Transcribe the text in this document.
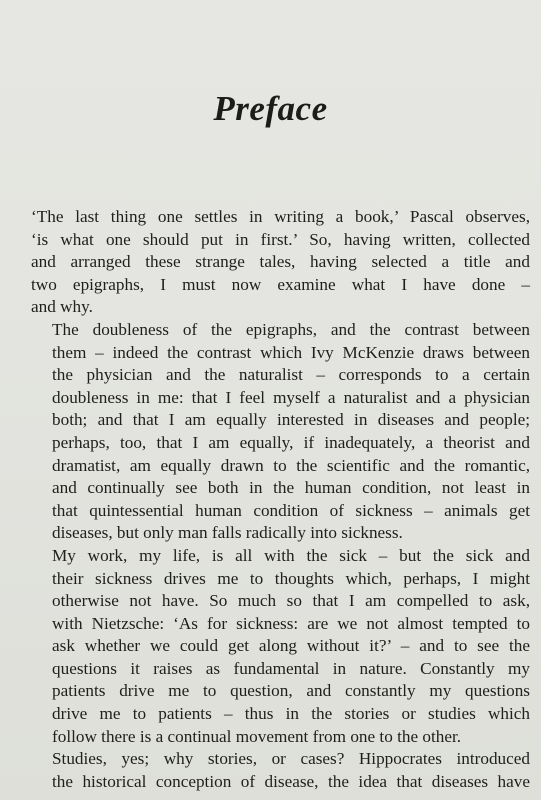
Preface

‘The last thing one settles in writing a book,’ Pascal observes,
‘is what one should put in first.’ So, having written, collected
and arranged these strange tales, having selected a title and
two epigraphs, I must now examine what I have done –
and why.

The doubleness of the epigraphs, and the contrast between
them – indeed the contrast which Ivy McKenzie draws between
the physician and the naturalist – corresponds to a certain
doubleness in me: that I feel myself a naturalist and a physician
both; and that I am equally interested in diseases and people;
perhaps, too, that I am equally, if inadequately, a theorist and
dramatist, am equally drawn to the scientific and the romantic,
and continually see both in the human condition, not least in
that quintessential human condition of sickness – animals get
diseases, but only man falls radically into sickness.

My work, my life, is all with the sick – but the sick and
their sickness drives me to thoughts which, perhaps, I might
otherwise not have. So much so that I am compelled to ask,
with Nietzsche: ‘As for sickness: are we not almost tempted to
ask whether we could get along without it?’ – and to see the
questions it raises as fundamental in nature. Constantly my
patients drive me to question, and constantly my questions
drive me to patients – thus in the stories or studies which
follow there is a continual movement from one to the other.

Studies, yes; why stories, or cases? Hippocrates introduced
the historical conception of disease, the idea that diseases have
